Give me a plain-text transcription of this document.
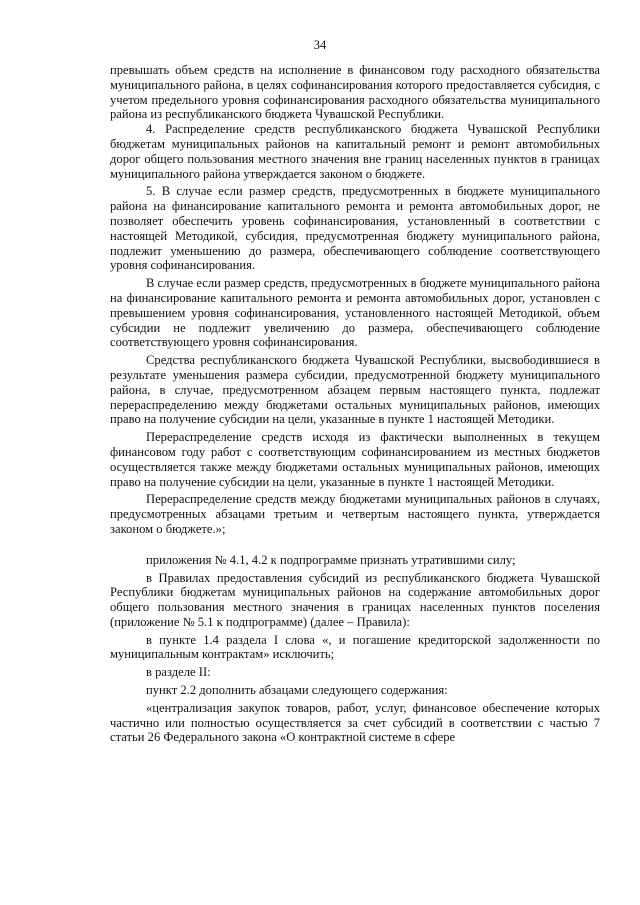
34

превышать объем средств на исполнение в финансовом году расходного обязательства муниципального района, в целях софинансирования которого предоставляется субсидия, с учетом предельного уровня софинансирования расходного обязательства муниципального района из республиканского бюджета Чувашской Республики.

4. Распределение средств республиканского бюджета Чувашской Республики бюджетам муниципальных районов на капитальный ремонт и ремонт автомобильных дорог общего пользования местного значения вне границ населенных пунктов в границах муниципального района утверждается законом о бюджете.

5. В случае если размер средств, предусмотренных в бюджете муниципального района на финансирование капитального ремонта и ремонта автомобильных дорог, не позволяет обеспечить уровень софинансирования, установленный в соответствии с настоящей Методикой, субсидия, предусмотренная бюджету муниципального района, подлежит уменьшению до размера, обеспечивающего соблюдение соответствующего уровня софинансирования.

В случае если размер средств, предусмотренных в бюджете муниципального района на финансирование капитального ремонта и ремонта автомобильных дорог, установлен с превышением уровня софинансирования, установленного настоящей Методикой, объем субсидии не подлежит увеличению до размера, обеспечивающего соблюдение соответствующего уровня софинансирования.

Средства республиканского бюджета Чувашской Республики, высвободившиеся в результате уменьшения размера субсидии, предусмотренной бюджету муниципального района, в случае, предусмотренном абзацем первым настоящего пункта, подлежат перераспределению между бюджетами остальных муниципальных районов, имеющих право на получение субсидии на цели, указанные в пункте 1 настоящей Методики.

Перераспределение средств исходя из фактически выполненных в текущем финансовом году работ с соответствующим софинансированием из местных бюджетов осуществляется также между бюджетами остальных муниципальных районов, имеющих право на получение субсидии на цели, указанные в пункте 1 настоящей Методики.

Перераспределение средств между бюджетами муниципальных районов в случаях, предусмотренных абзацами третьим и четвертым настоящего пункта, утверждается законом о бюджете.»;

приложения № 4.1, 4.2 к подпрограмме признать утратившими силу;

в Правилах предоставления субсидий из республиканского бюджета Чувашской Республики бюджетам муниципальных районов на содержание автомобильных дорог общего пользования местного значения в границах населенных пунктов поселения (приложение № 5.1 к подпрограмме) (далее – Правила):

в пункте 1.4 раздела I слова «, и погашение кредиторской задолженности по муниципальным контрактам» исключить;

в разделе II:

пункт 2.2 дополнить абзацами следующего содержания:

«централизация закупок товаров, работ, услуг, финансовое обеспечение которых частично или полностью осуществляется за счет субсидий в соответствии с частью 7 статьи 26 Федерального закона «О контрактной системе в сфере
